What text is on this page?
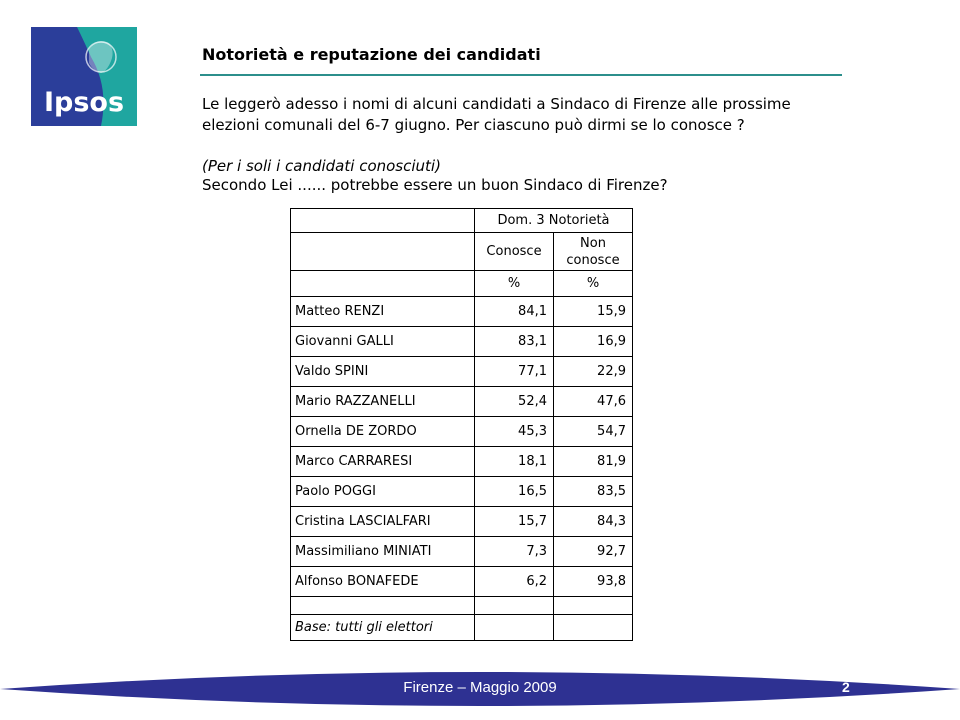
Ipsos
Notorietà e reputazione dei candidati
Le leggerò adesso i nomi di alcuni candidati a Sindaco di Firenze alle prossime
elezioni comunali del 6-7 giugno. Per ciascuno può dirmi se lo conosce ?
(Per i soli i candidati conosciuti)
Secondo Lei ...... potrebbe essere un buon Sindaco di Firenze?
	Dom. 3 Notorietà	
	Conosce	Non
conosce

	%	%
Matteo RENZI	84,1	15,9
Giovanni GALLI	83,1	16,9
Valdo SPINI	77,1	22,9
Mario RAZZANELLI	52,4	47,6
Ornella DE ZORDO	45,3	54,7
Marco CARRARESI	18,1	81,9
Paolo POGGI	16,5	83,5
Cristina LASCIALFARI	15,7	84,3
Massimiliano MINIATI	7,3	92,7
Alfonso BONAFEDE	6,2	93,8

Base: tutti gli elettori		
Firenze – Maggio 2009	2
